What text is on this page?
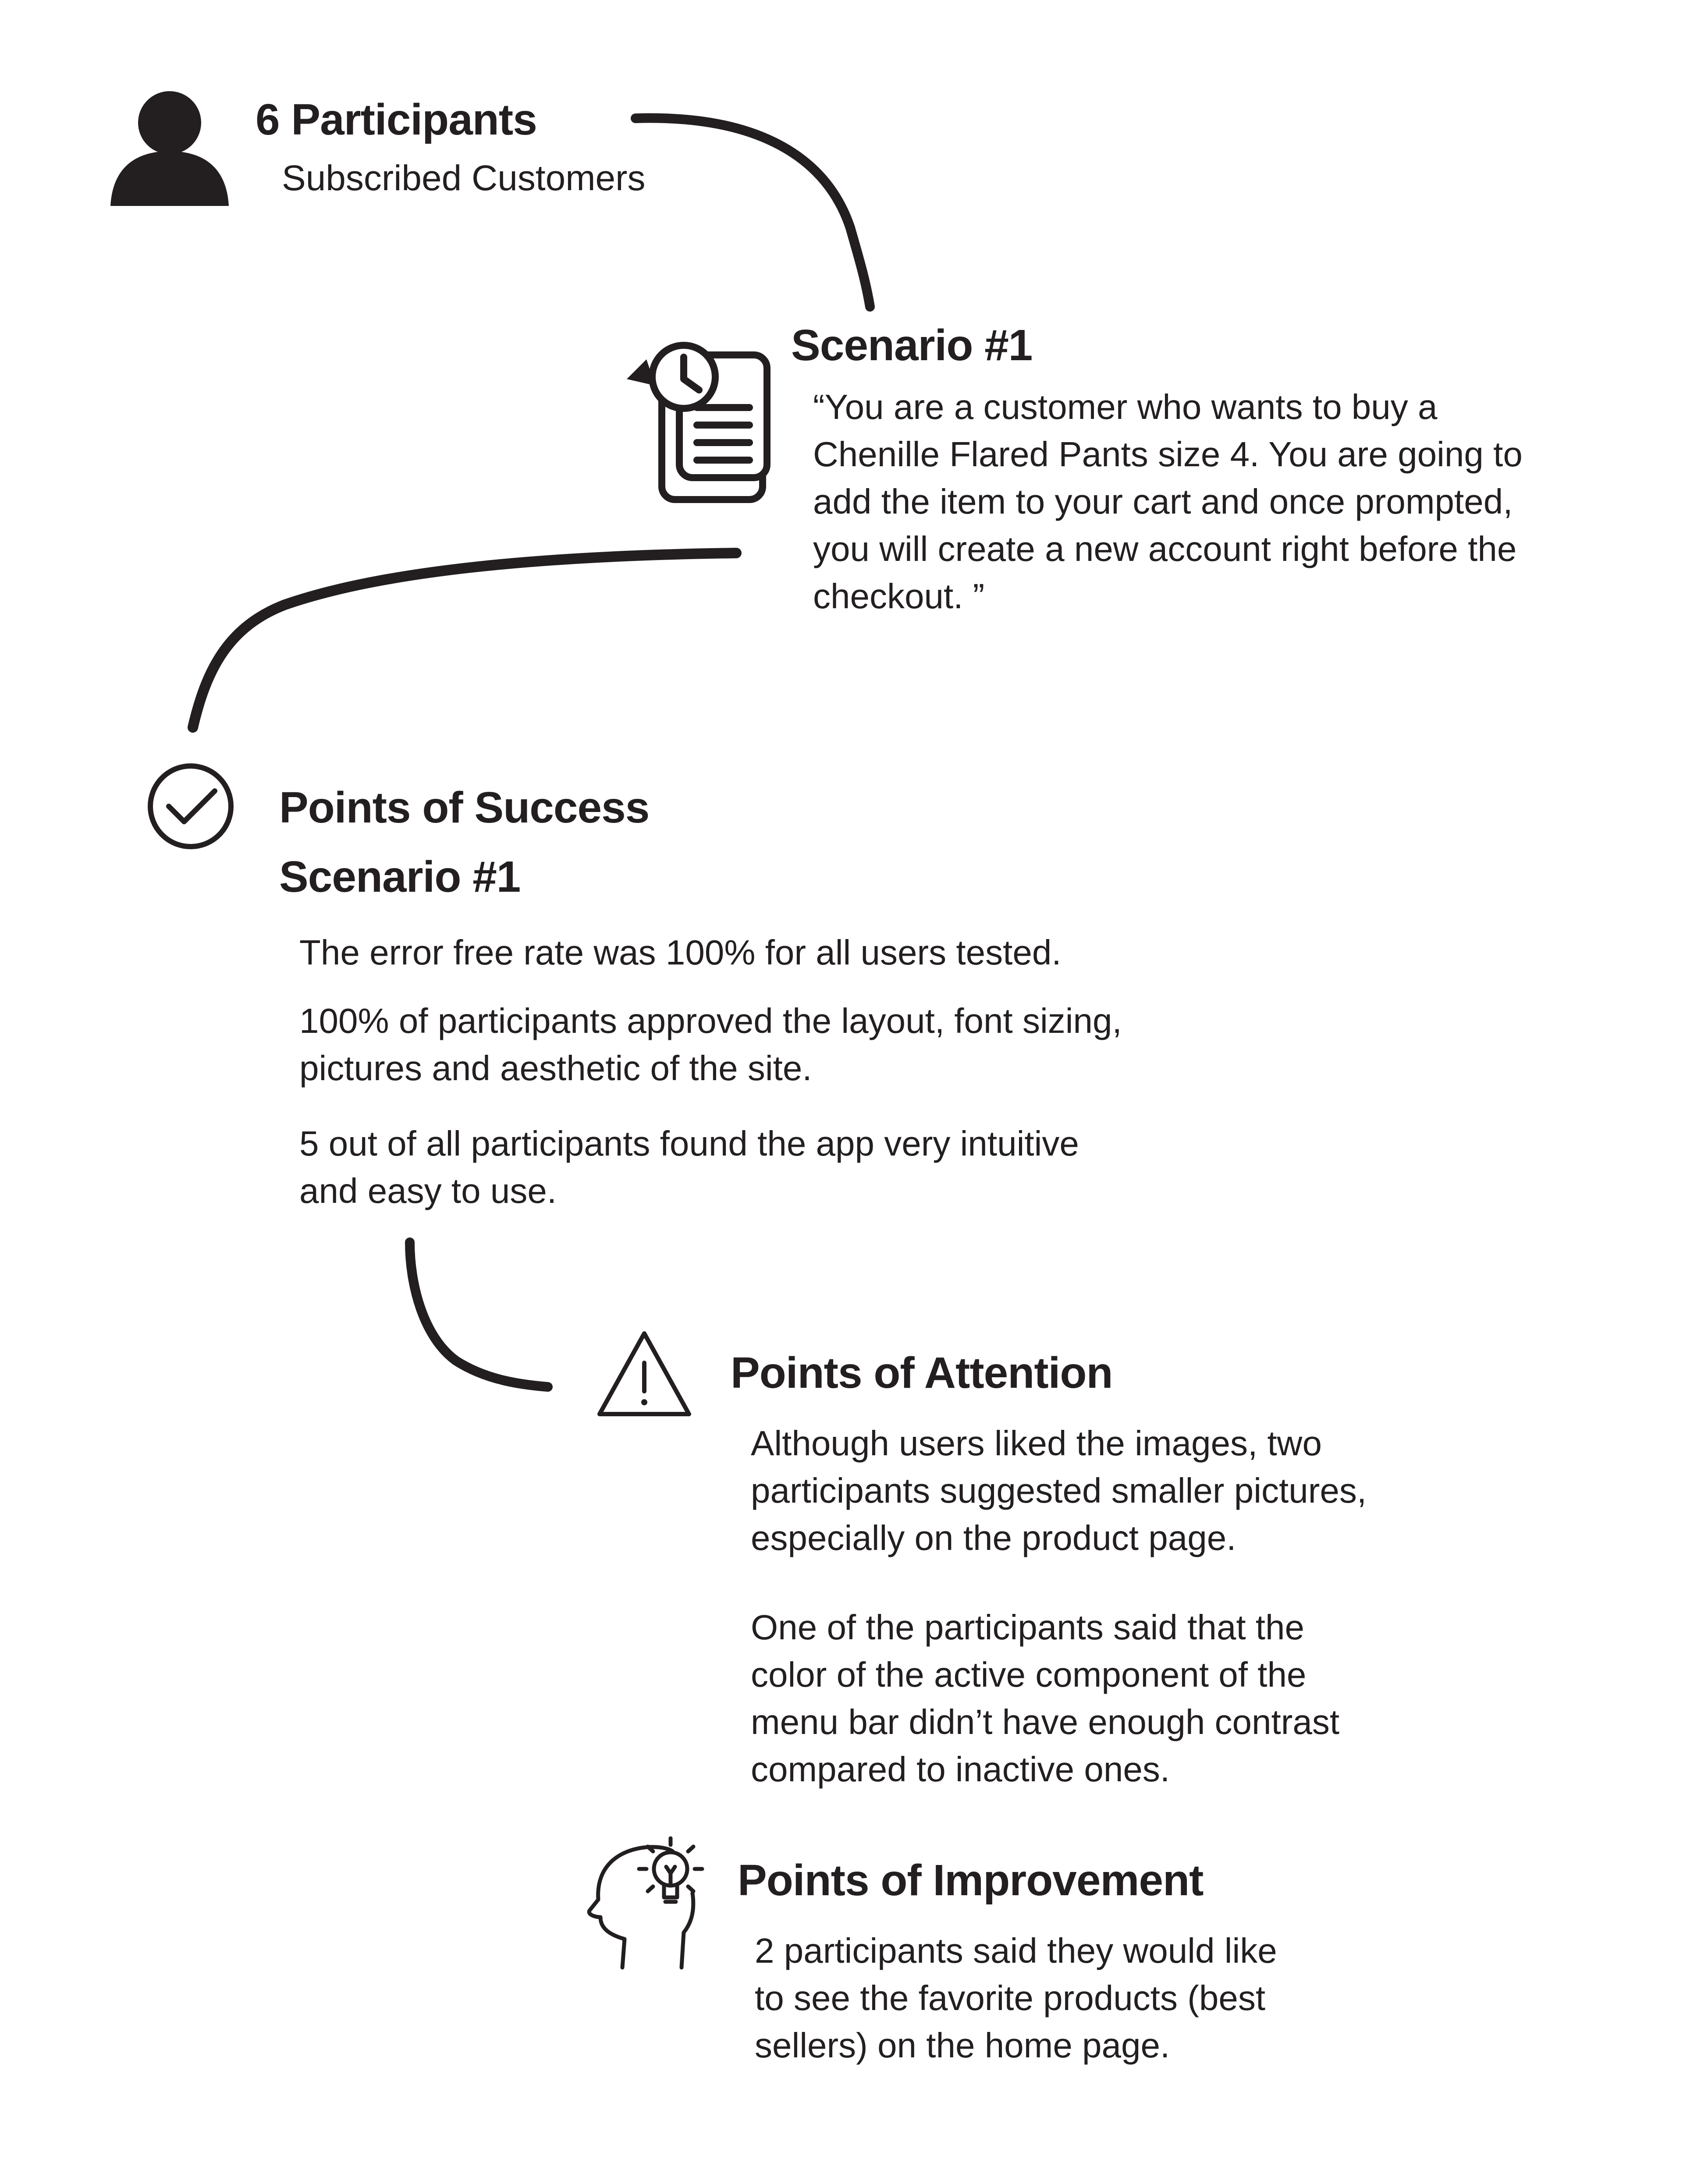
6 Participants
Subscribed Customers
Scenario #1

“You are a customer who wants to buy a

Chenille Flared Pants size 4. You are going to

add the item to your cart and once prompted,

you will create a new account right before the

checkout. ”

Points of Success
Scenario #1

The error free rate was 100% for all users tested.

100% of participants approved the layout, font sizing,

pictures and aesthetic of the site.

5 out of all participants found the app very intuitive

and easy to use.

Points of Attention

Although users liked the images, two

participants suggested smaller pictures,

especially on the product page.

One of the participants said that the

color of the active component of the

menu bar didn’t have enough contrast

compared to inactive ones.

Points of Improvement

2 participants said they would like

to see the favorite products (best

sellers) on the home page.
